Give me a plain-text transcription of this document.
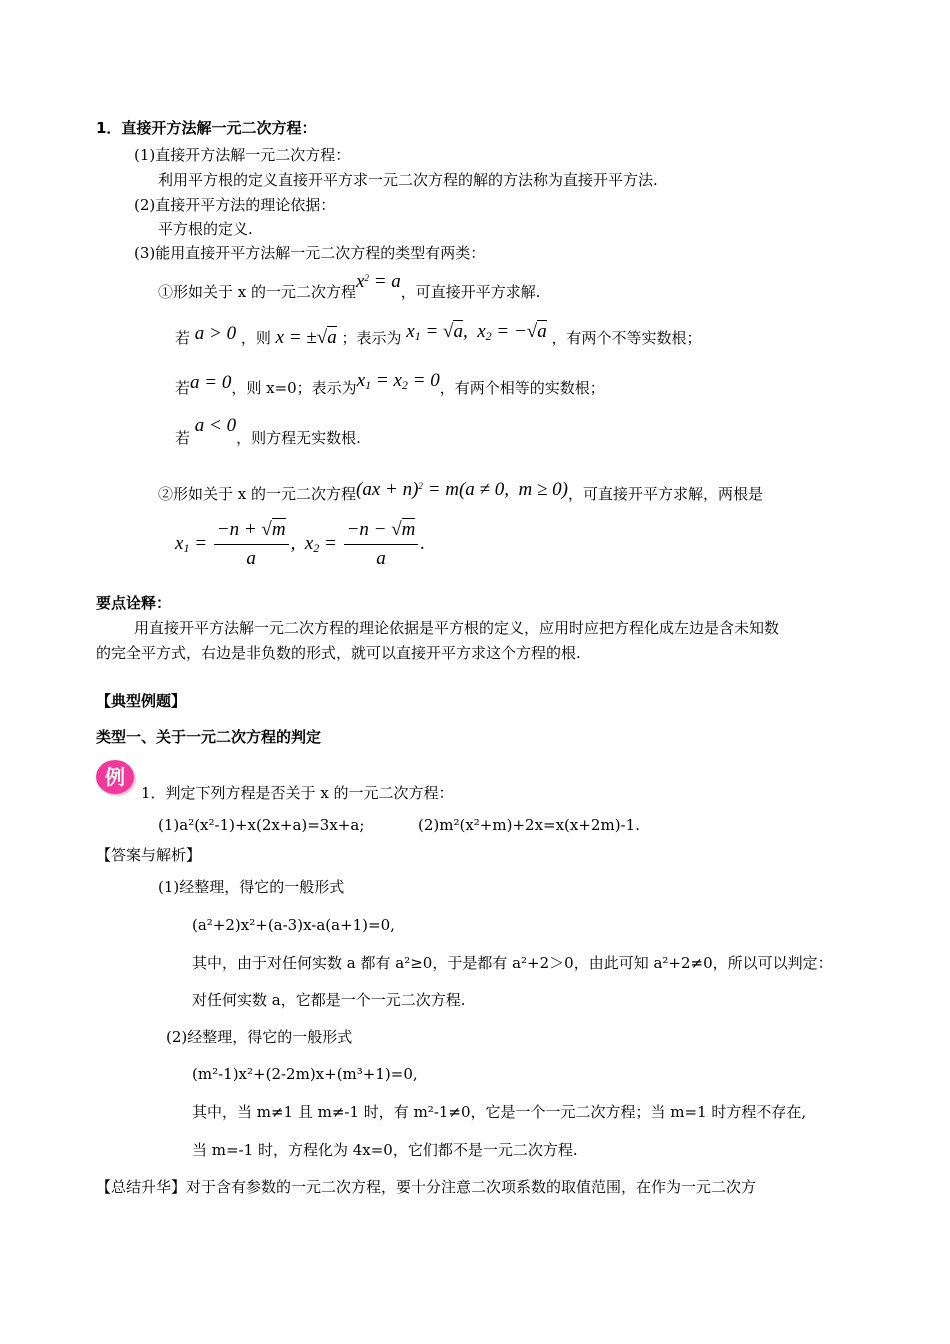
1．直接开方法解一元二次方程：
(1)直接开方法解一元二次方程：
利用平方根的定义直接开平方求一元二次方程的解的方法称为直接开平方法.
(2)直接开平方法的理论依据：
平方根的定义.
(3)能用直接开平方法解一元二次方程的类型有两类：
①形如关于 x 的一元二次方程$x^2 = a$，可直接开平方求解.
若 a > 0 ，则 x = ±√a ；表示为 $x_1 = √a$,  $x_2 = -√a$ ，有两个不等实数根；
若a = 0，则 x=0；表示为$x_1 = x_2 = 0$，有两个相等的实数根；
若 a < 0，则方程无实数根.
②形如关于 x 的一元二次方程(ax + n)$^2$ = m(a ≠ 0,  m ≥ 0)，可直接开平方求解，两根是
$x_1 = \frac{-n + √m}{a}$ ,  $x_2 = \frac{-n - √m}{a}$ .
要点诠释：
用直接开平方法解一元二次方程的理论依据是平方根的定义，应用时应把方程化成左边是含未知数
的完全平方式，右边是非负数的形式，就可以直接开平方求这个方程的根.
【典型例题】
类型一、关于一元二次方程的判定
例
1．判定下列方程是否关于 x 的一元二次方程：
(1)a²(x²-1)+x(2x+a)=3x+a;	(2)m²(x²+m)+2x=x(x+2m)-1.
【答案与解析】
(1)经整理，得它的一般形式
(a²+2)x²+(a-3)x-a(a+1)=0,
其中，由于对任何实数 a 都有 a²≥0，于是都有 a²+2＞0，由此可知 a²+2≠0，所以可以判定：
对任何实数 a，它都是一个一元二次方程.
(2)经整理，得它的一般形式
(m²-1)x²+(2-2m)x+(m³+1)=0,
其中，当 m≠1 且 m≠-1 时，有 m²-1≠0，它是一个一元二次方程；当 m=1 时方程不存在,
当 m=-1 时，方程化为 4x=0，它们都不是一元二次方程.
【总结升华】对于含有参数的一元二次方程，要十分注意二次项系数的取值范围，在作为一元二次方
